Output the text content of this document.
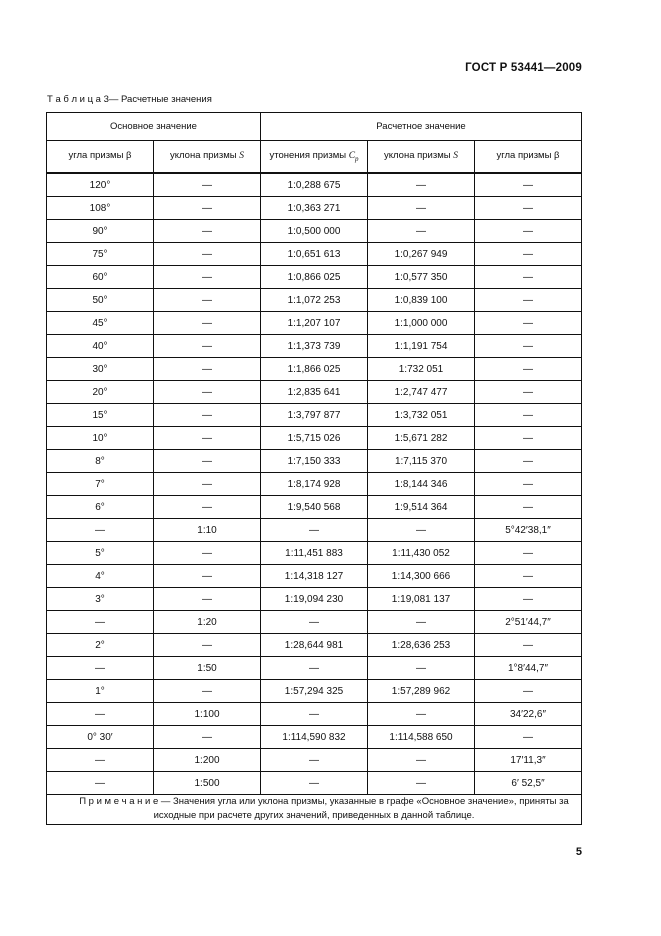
ГОСТ Р 53441—2009
Т а б л и ц а 3— Расчетные значения
Основное значение		Расчетное значение		
угла призмы β	уклона призмы S	утонения призмы $C_р$	уклона призмы S	угла призмы β
120°	—	1:0,288 675	—	—
108°	—	1:0,363 271	—	—
90°	—	1:0,500 000	—	—
75°	—	1:0,651 613	1:0,267 949	—
60°	—	1:0,866 025	1:0,577 350	—
50°	—	1:1,072 253	1:0,839 100	—
45°	—	1:1,207 107	1:1,000 000	—
40°	—	1:1,373 739	1:1,191 754	—
30°	—	1:1,866 025	1:732 051	—
20°	—	1:2,835 641	1:2,747 477	—
15°	—	1:3,797 877	1:3,732 051	—
10°	—	1:5,715 026	1:5,671 282	—
8°	—	1:7,150 333	1:7,115 370	—
7°	—	1:8,174 928	1:8,144 346	—
6°	—	1:9,540 568	1:9,514 364	—
—	1:10	—	—	5°42′38,1″
5°	—	1:11,451 883	1:11,430 052	—
4°	—	1:14,318 127	1:14,300 666	—
3°	—	1:19,094 230	1:19,081 137	—
—	1:20	—	—	2°51′44,7″
2°	—	1:28,644 981	1:28,636 253	—
—	1:50	—	—	1°8′44,7″
1°	—	1:57,294 325	1:57,289 962	—
—	1:100	—	—	34′22,6″
0° 30′	—	1:114,590 832	1:114,588 650	—
—	1:200	—	—	17′11,3″
—	1:500	—	—	6′ 52,5″

П р и м е ч а н и е — Значения угла или уклона призмы, указанные в графе «Основное значение», приняты за исходные при расчете других значений, приведенных в данной таблице.				

5
